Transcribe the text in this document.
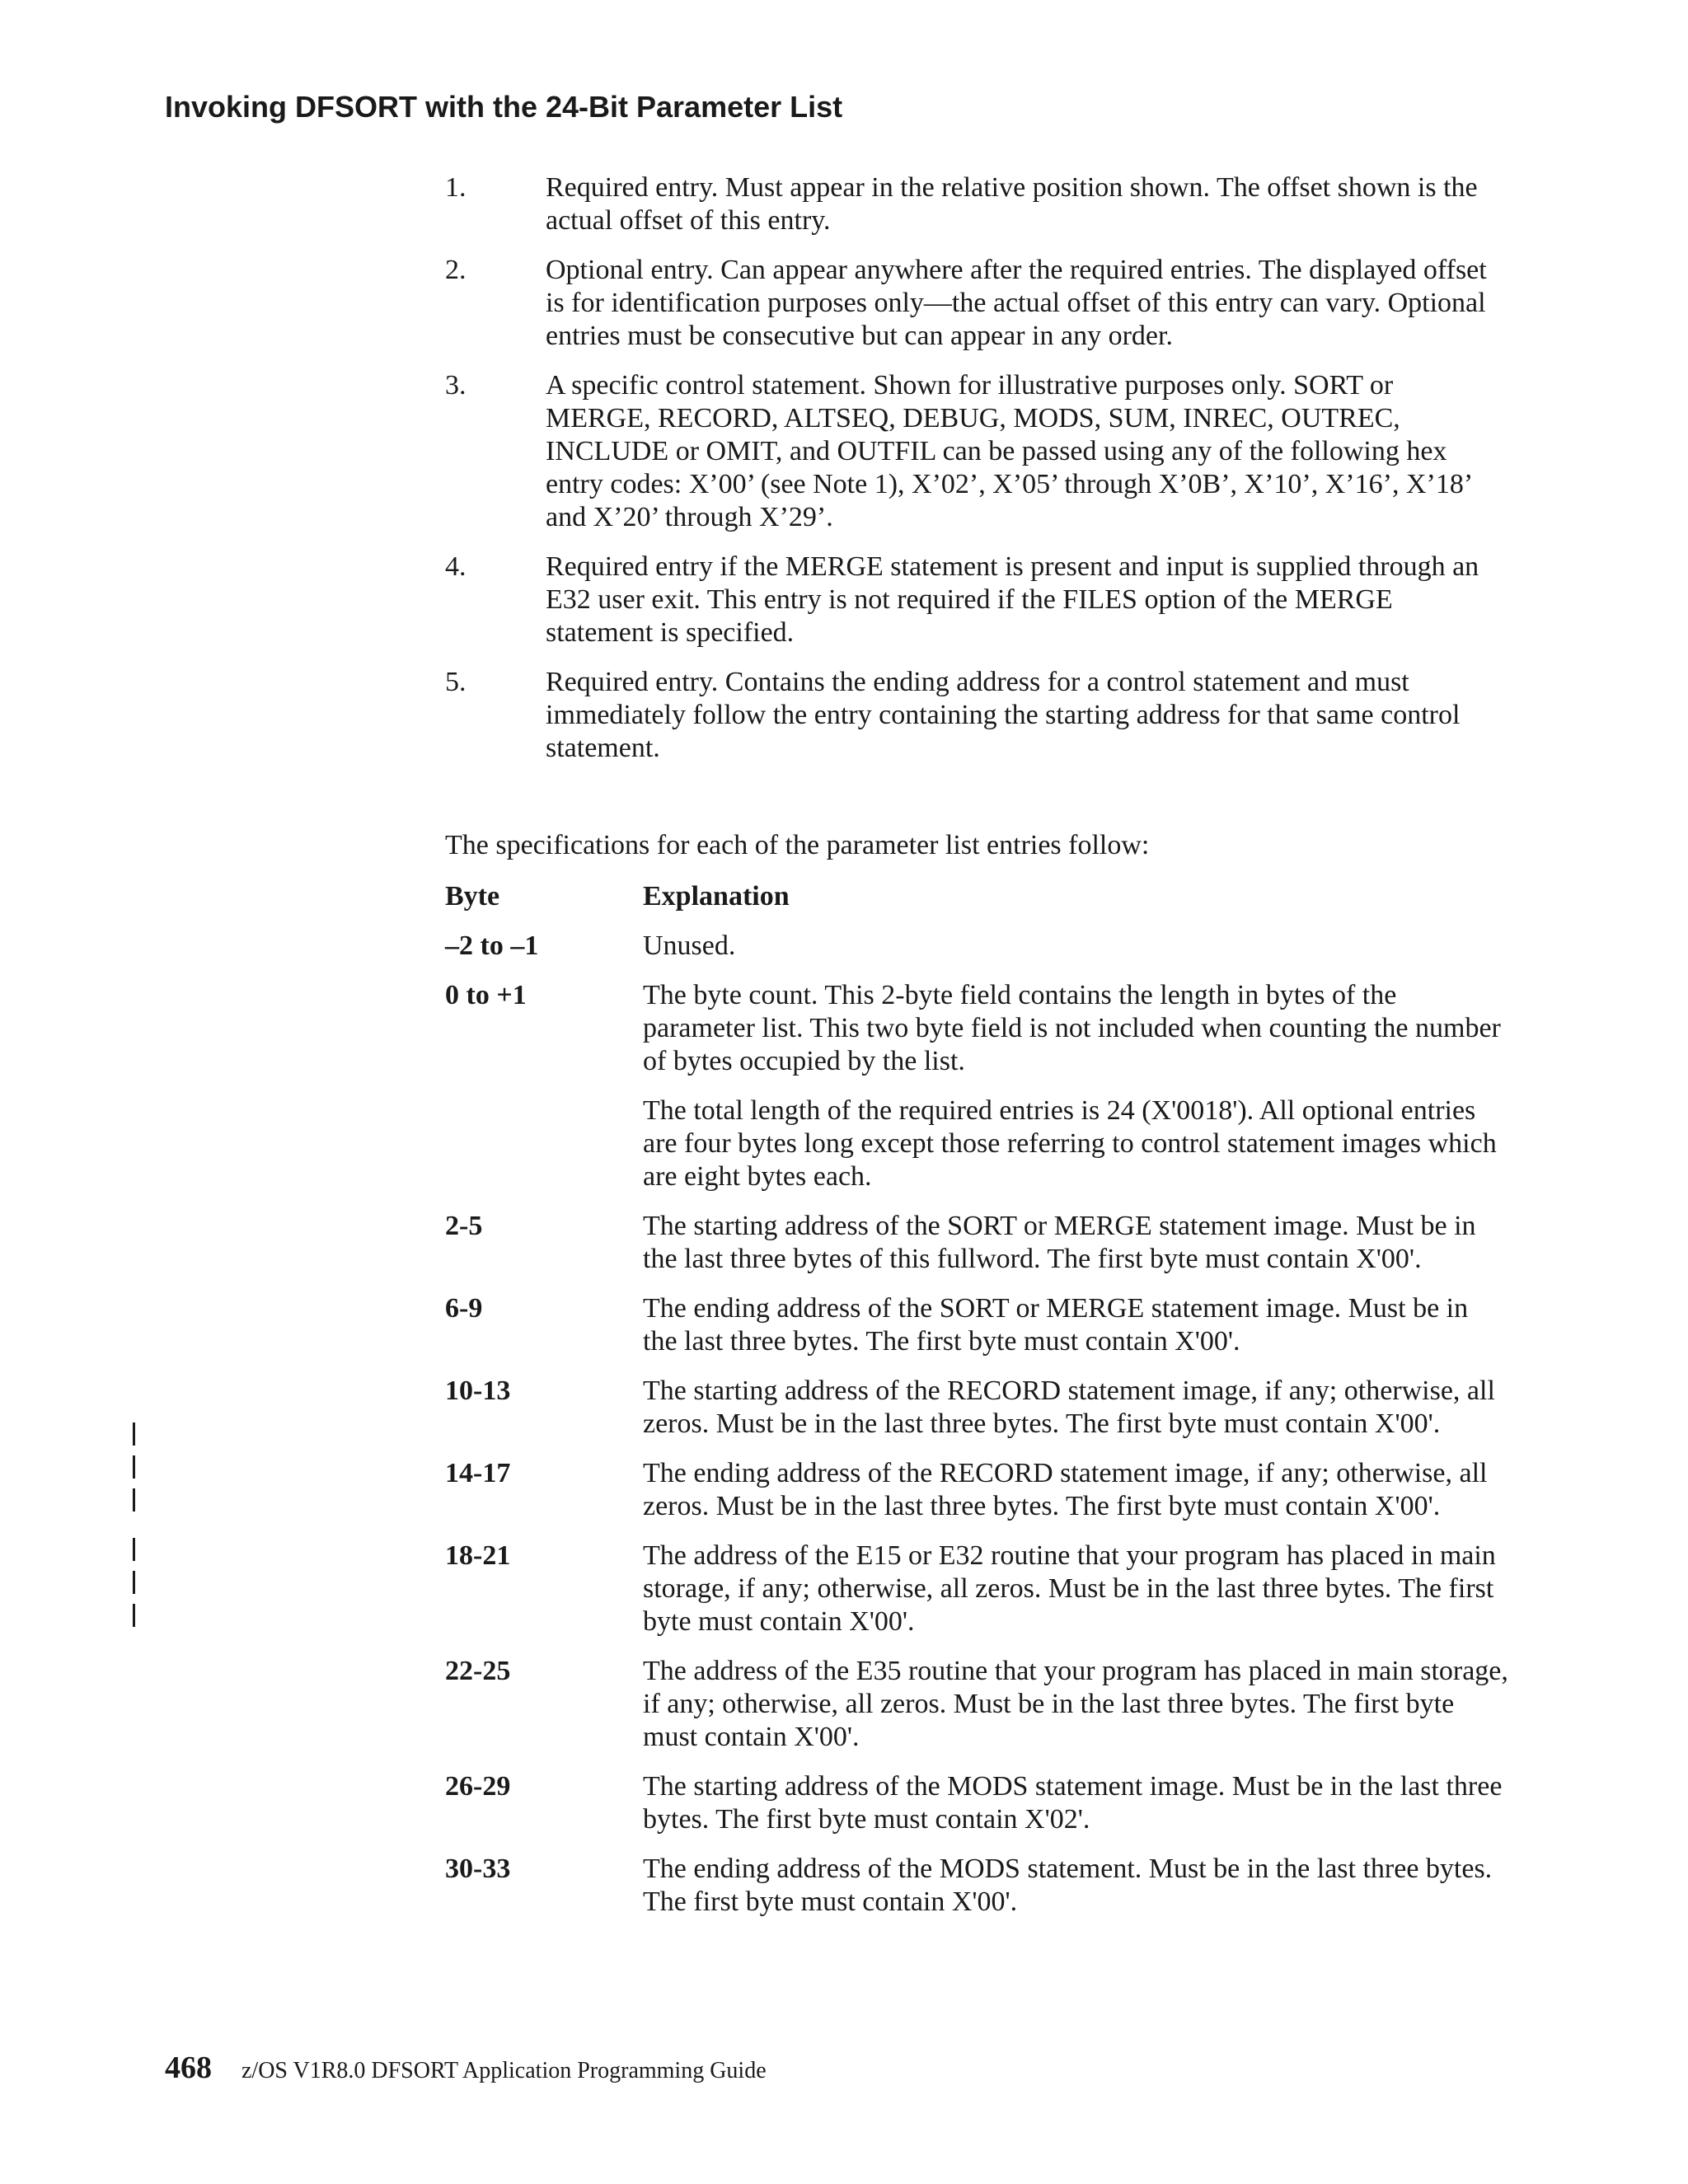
Invoking DFSORT with the 24-Bit Parameter List
1.	Required entry. Must appear in the relative position shown. The offset shown is the actual offset of this entry.
2.	Optional entry. Can appear anywhere after the required entries. The displayed offset is for identification purposes only—the actual offset of this entry can vary. Optional entries must be consecutive but can appear in any order.
3.	A specific control statement. Shown for illustrative purposes only. SORT or MERGE, RECORD, ALTSEQ, DEBUG, MODS, SUM, INREC, OUTREC, INCLUDE or OMIT, and OUTFIL can be passed using any of the following hex entry codes: X’00’ (see Note 1), X’02’, X’05’ through X’0B’, X’10’, X’16’, X’18’ and X’20’ through X’29’.
4.	Required entry if the MERGE statement is present and input is supplied through an E32 user exit. This entry is not required if the FILES option of the MERGE statement is specified.
5.	Required entry. Contains the ending address for a control statement and must immediately follow the entry containing the starting address for that same control statement.

The specifications for each of the parameter list entries follow:

Byte	Explanation
–2 to –1	Unused.

0 to +1	The byte count. This 2-byte field contains the length in bytes of the parameter list. This two byte field is not included when counting the number of bytes occupied by the list.

The total length of the required entries is 24 (X'0018'). All optional entries are four bytes long except those referring to control statement images which are eight bytes each.

2-5	The starting address of the SORT or MERGE statement image. Must be in the last three bytes of this fullword. The first byte must contain X'00'.

6-9	The ending address of the SORT or MERGE statement image. Must be in the last three bytes. The first byte must contain X'00'.

10-13	The starting address of the RECORD statement image, if any; otherwise, all zeros. Must be in the last three bytes. The first byte must contain X'00'.

14-17	The ending address of the RECORD statement image, if any; otherwise, all zeros. Must be in the last three bytes. The first byte must contain X'00'.

18-21	The address of the E15 or E32 routine that your program has placed in main storage, if any; otherwise, all zeros. Must be in the last three bytes. The first byte must contain X'00'.

22-25	The address of the E35 routine that your program has placed in main storage, if any; otherwise, all zeros. Must be in the last three bytes. The first byte must contain X'00'.

26-29	The starting address of the MODS statement image. Must be in the last three bytes. The first byte must contain X'02'.

30-33	The ending address of the MODS statement. Must be in the last three bytes. The first byte must contain X'00'.

468 z/OS V1R8.0 DFSORT Application Programming Guide
